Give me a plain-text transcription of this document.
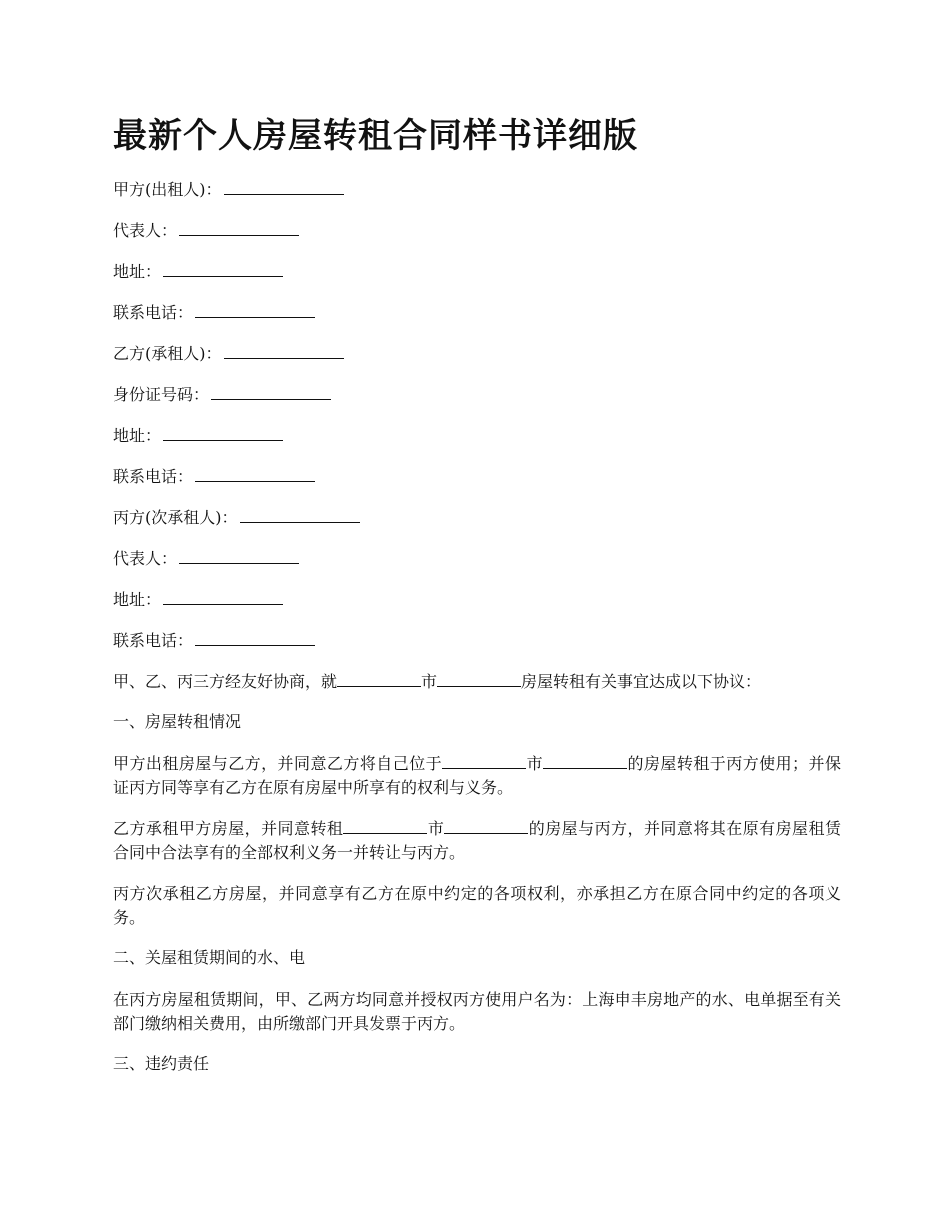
最新个人房屋转租合同样书详细版
甲方(出租人)：
代表人：
地址：
联系电话：
乙方(承租人)：
身份证号码：
地址：
联系电话：
丙方(次承租人)：
代表人：
地址：
联系电话：

甲、乙、丙三方经友好协商，就	市	房屋转租有关事宜达成以下协议：

一、房屋转租情况

甲方出租房屋与乙方，并同意乙方将自己位于	市	的房屋转租于丙方使用；并保证丙方同等享有乙方在原有房屋中所享有的权利与义务。

乙方承租甲方房屋，并同意转租	市	的房屋与丙方，并同意将其在原有房屋租赁合同中合法享有的全部权利义务一并转让与丙方。

丙方次承租乙方房屋，并同意享有乙方在原中约定的各项权利，亦承担乙方在原合同中约定的各项义务。

二、关屋租赁期间的水、电

在丙方房屋租赁期间，甲、乙两方均同意并授权丙方使用户名为：上海申丰房地产的水、电单据至有关部门缴纳相关费用，由所缴部门开具发票于丙方。

三、违约责任
